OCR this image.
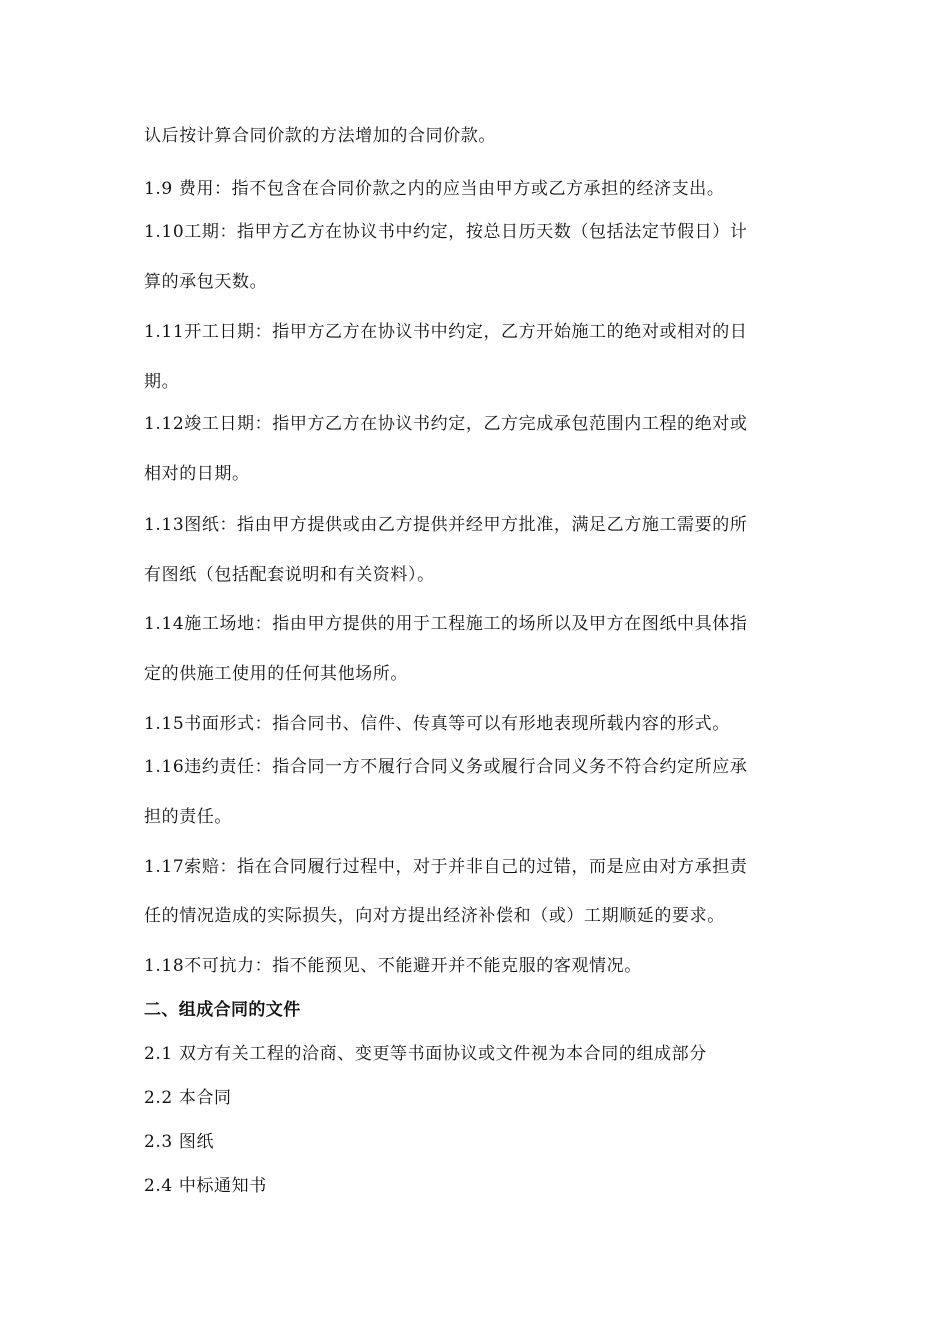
认后按计算合同价款的方法增加的合同价款。
1.9 费用：指不包含在合同价款之内的应当由甲方或乙方承担的经济支出。
1.10工期：指甲方乙方在协议书中约定，按总日历天数（包括法定节假日）计
算的承包天数。
1.11开工日期：指甲方乙方在协议书中约定，乙方开始施工的绝对或相对的日
期。
1.12竣工日期：指甲方乙方在协议书约定，乙方完成承包范围内工程的绝对或
相对的日期。
1.13图纸：指由甲方提供或由乙方提供并经甲方批准，满足乙方施工需要的所
有图纸（包括配套说明和有关资料）。
1.14施工场地：指由甲方提供的用于工程施工的场所以及甲方在图纸中具体指
定的供施工使用的任何其他场所。
1.15书面形式：指合同书、信件、传真等可以有形地表现所载内容的形式。
1.16违约责任：指合同一方不履行合同义务或履行合同义务不符合约定所应承
担的责任。
1.17索赔：指在合同履行过程中，对于并非自己的过错，而是应由对方承担责
任的情况造成的实际损失，向对方提出经济补偿和（或）工期顺延的要求。
1.18不可抗力：指不能预见、不能避开并不能克服的客观情况。
二、组成合同的文件
2.1 双方有关工程的洽商、变更等书面协议或文件视为本合同的组成部分
2.2 本合同
2.3 图纸
2.4 中标通知书
